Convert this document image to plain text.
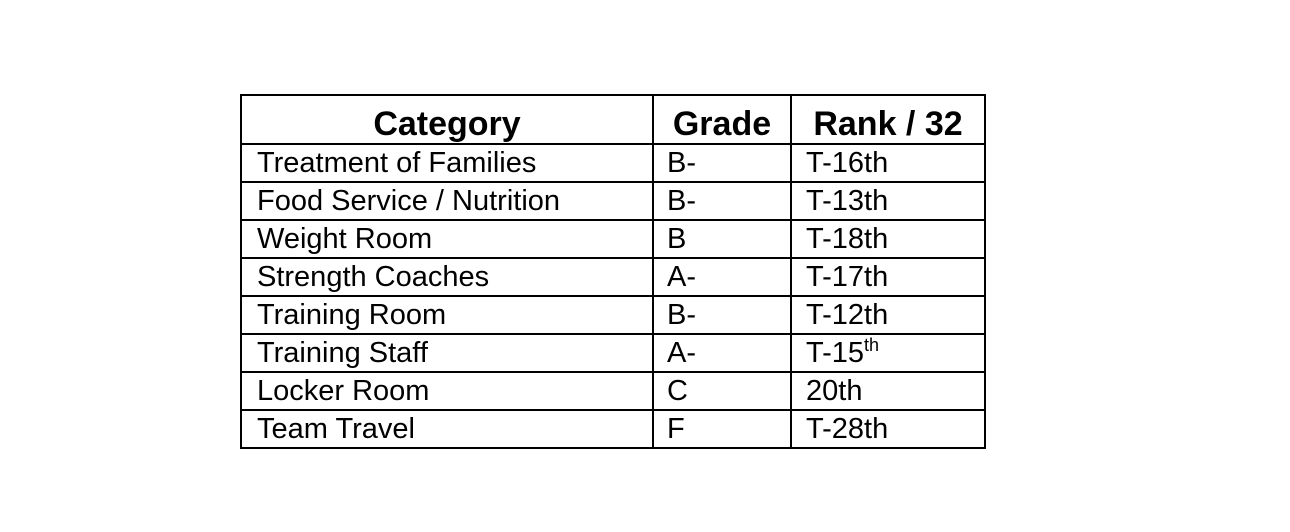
Category	Grade	Rank / 32
Treatment of Families	B-	T-16th
Food Service / Nutrition	B-	T-13th
Weight Room	B	T-18th
Strength Coaches	A-	T-17th
Training Room	B-	T-12th
Training Staff	A-	T-15th
Locker Room	C	20th
Team Travel	F	T-28th
